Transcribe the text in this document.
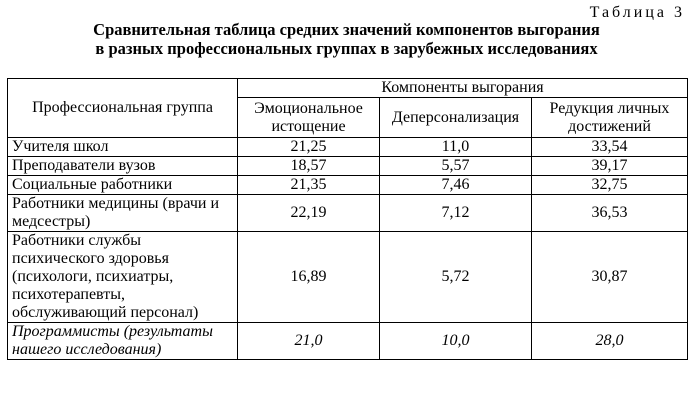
Таблица 3
Сравнительная таблица средних значений компонентов выгорания
в разных профессиональных группах в зарубежных исследованиях
Профессиональная группа	Компоненты выгорания		
	Эмоциональное истощение	Деперсонализация	Редукция личных достижений
Учителя школ	21,25	11,0	33,54
Преподаватели вузов	18,57	5,57	39,17
Социальные работники	21,35	7,46	32,75
Работники медицины (врачи и медсестры)	22,19	7,12	36,53
Работники службы психического здоровья (психологи, психиатры, психотерапевты, обслуживающий персонал)	16,89	5,72	30,87
Программисты (результаты нашего исследования)	21,0	10,0	28,0
